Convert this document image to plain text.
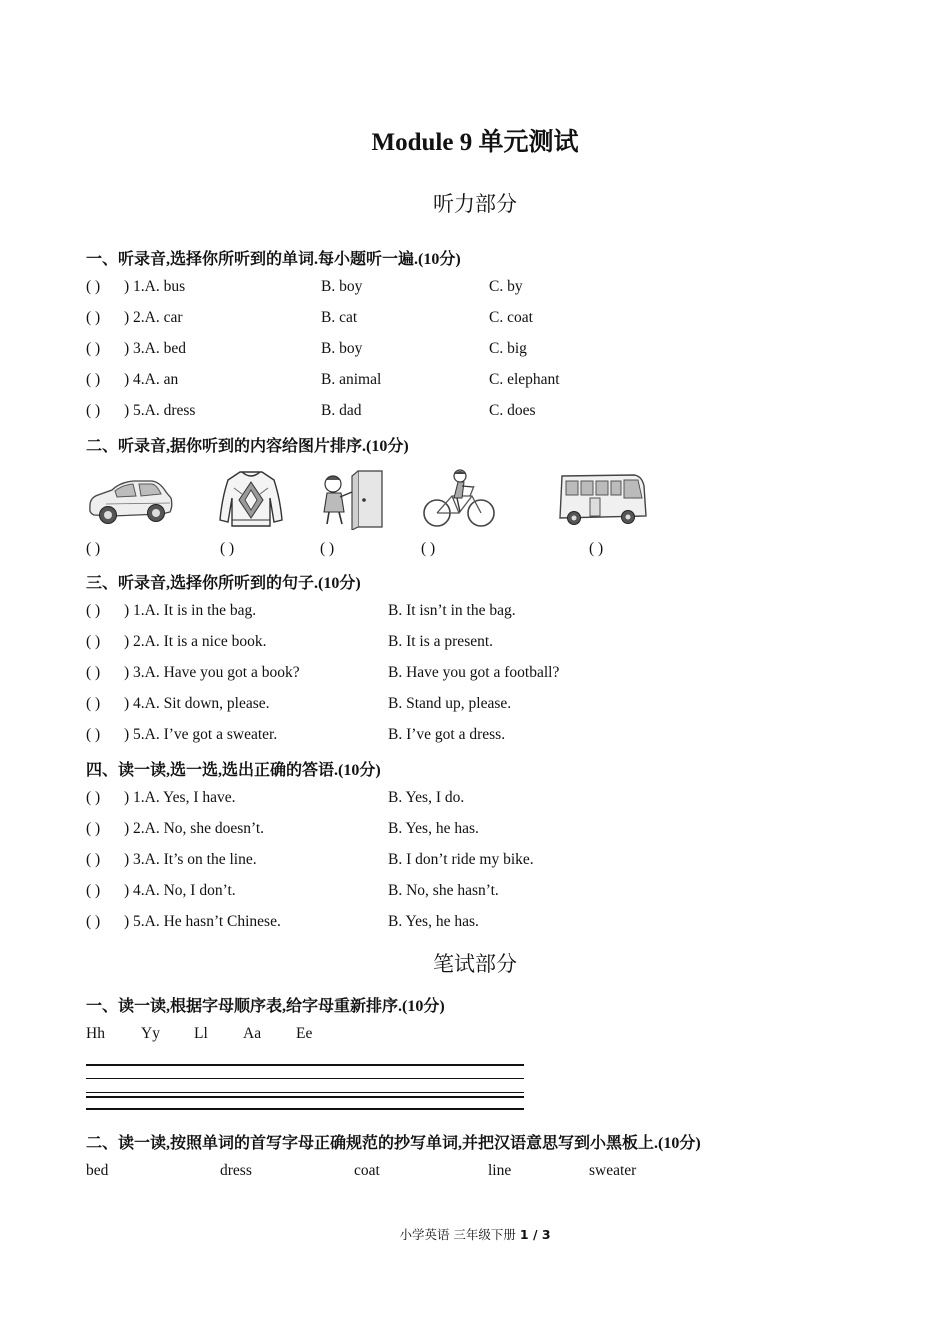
Module 9 单元测试
听力部分
一、听录音,选择你所听到的单词.每小题听一遍.(10分)
( ) ) 1.A. bus	B. boy	C. by
( ) ) 2.A. car	B. cat	C. coat
( ) ) 3.A. bed	B. boy	C. big
( ) ) 4.A. an	B. animal	C. elephant
( ) ) 5.A. dress	B. dad	C. does
二、听录音,据你听到的内容给图片排序.(10分)
( )	( )	( )	( )	( )
三、听录音,选择你所听到的句子.(10分)
( ) ) 1.A. It is in the bag.	B. It isn’t in the bag.
( ) ) 2.A. It is a nice book.	B. It is a present.
( ) ) 3.A. Have you got a book?	B. Have you got a football?
( ) ) 4.A. Sit down, please.	B. Stand up, please.
( ) ) 5.A. I’ve got a sweater.	B. I’ve got a dress.
四、读一读,选一选,选出正确的答语.(10分)
( ) ) 1.A. Yes, I have.	B. Yes, I do.
( ) ) 2.A. No, she doesn’t.	B. Yes, he has.
( ) ) 3.A. It’s on the line.	B. I don’t ride my bike.
( ) ) 4.A. No, I don’t.	B. No, she hasn’t.
( ) ) 5.A. He hasn’t Chinese.	B. Yes, he has.
笔试部分
一、读一读,根据字母顺序表,给字母重新排序.(10分)
Hh Yy Ll Aa Ee
二、读一读,按照单词的首写字母正确规范的抄写单词,并把汉语意思写到小黑板上.(10分)
bed	dress	coat	line	sweater
小学英语 三年级下册 1 / 3
